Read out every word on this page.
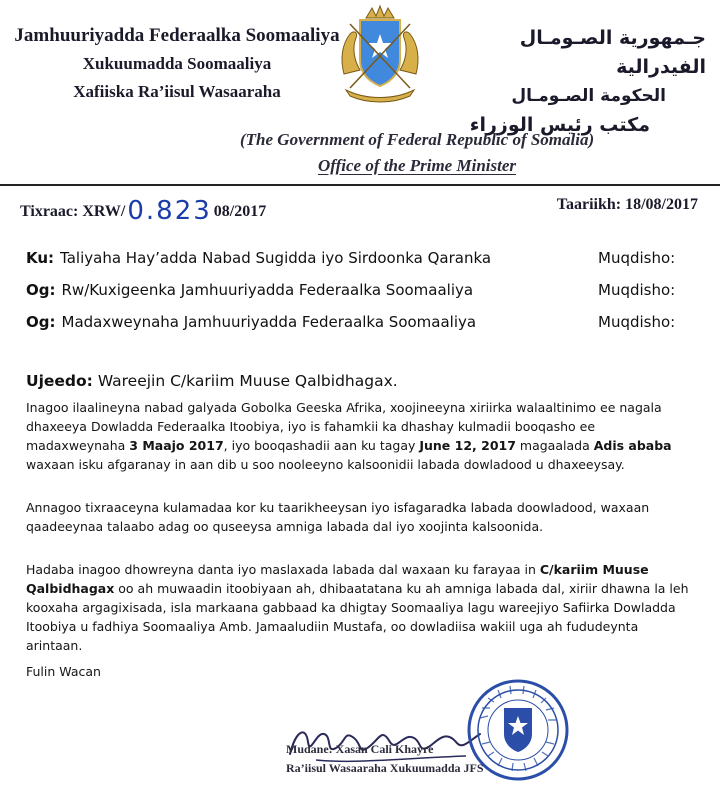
Jamhuuriyadda Federaalka Soomaaliya
Xukuumadda Soomaaliya
Xafiiska Ra’iisul Wasaaraha
جـمهورية الصـومـال الفيدرالية
الحكومة الصـومـال
مكتب رئيس الوزراء
(The Government of Federal Republic of Somalia)
Office of the Prime Minister
Tixraac: XRW/0.823 08/2017	Taariikh: 18/08/2017
Ku: Taliyaha Hay’adda Nabad Sugidda iyo Sirdoonka Qaranka	Muqdisho:
Og: Rw/Kuxigeenka Jamhuuriyadda Federaalka Soomaaliya	Muqdisho:
Og: Madaxweynaha Jamhuuriyadda Federaalka Soomaaliya	Muqdisho:
Ujeedo: Wareejin C/kariim Muuse Qalbidhagax.
Inagoo ilaalineyna nabad galyada Gobolka Geeska Afrika, xoojineeyna xiriirka walaaltinimo ee nagala dhaxeeya Dowladda Federaalka Itoobiya, iyo is fahamkii ka dhashay kulmadii booqasho ee madaxweynaha 3 Maajo 2017, iyo booqashadii aan ku tagay June 12, 2017 magaalada Adis ababa waxaan isku afgaranay in aan dib u soo nooleeyno kalsoonidii labada dowladood u dhaxeeysay.
Annagoo tixraaceyna kulamadaa kor ku taarikheeysan iyo isfagaradka labada doowladood, waxaan qaadeeynaa talaabo adag oo quseeysa amniga labada dal iyo xoojinta kalsoonida.
Hadaba inagoo dhowreyna danta iyo maslaxada labada dal waxaan ku farayaa in C/kariim Muuse Qalbidhagax oo ah muwaadin itoobiyaan ah, dhibaatatana ku ah amniga labada dal, xiriir dhawna la leh kooxaha argagixisada, isla markaana gabbaad ka dhigtay Soomaaliya lagu wareejiyo Safiirka Dowladda Itoobiya u fadhiya Soomaaliya Amb. Jamaaludiin Mustafa, oo dowladiisa wakiil uga ah fududeynta arintaan.
Fulin Wacan
Mudane: Xasan Cali Khayre
Ra’iisul Wasaaraha Xukuumadda JFS
